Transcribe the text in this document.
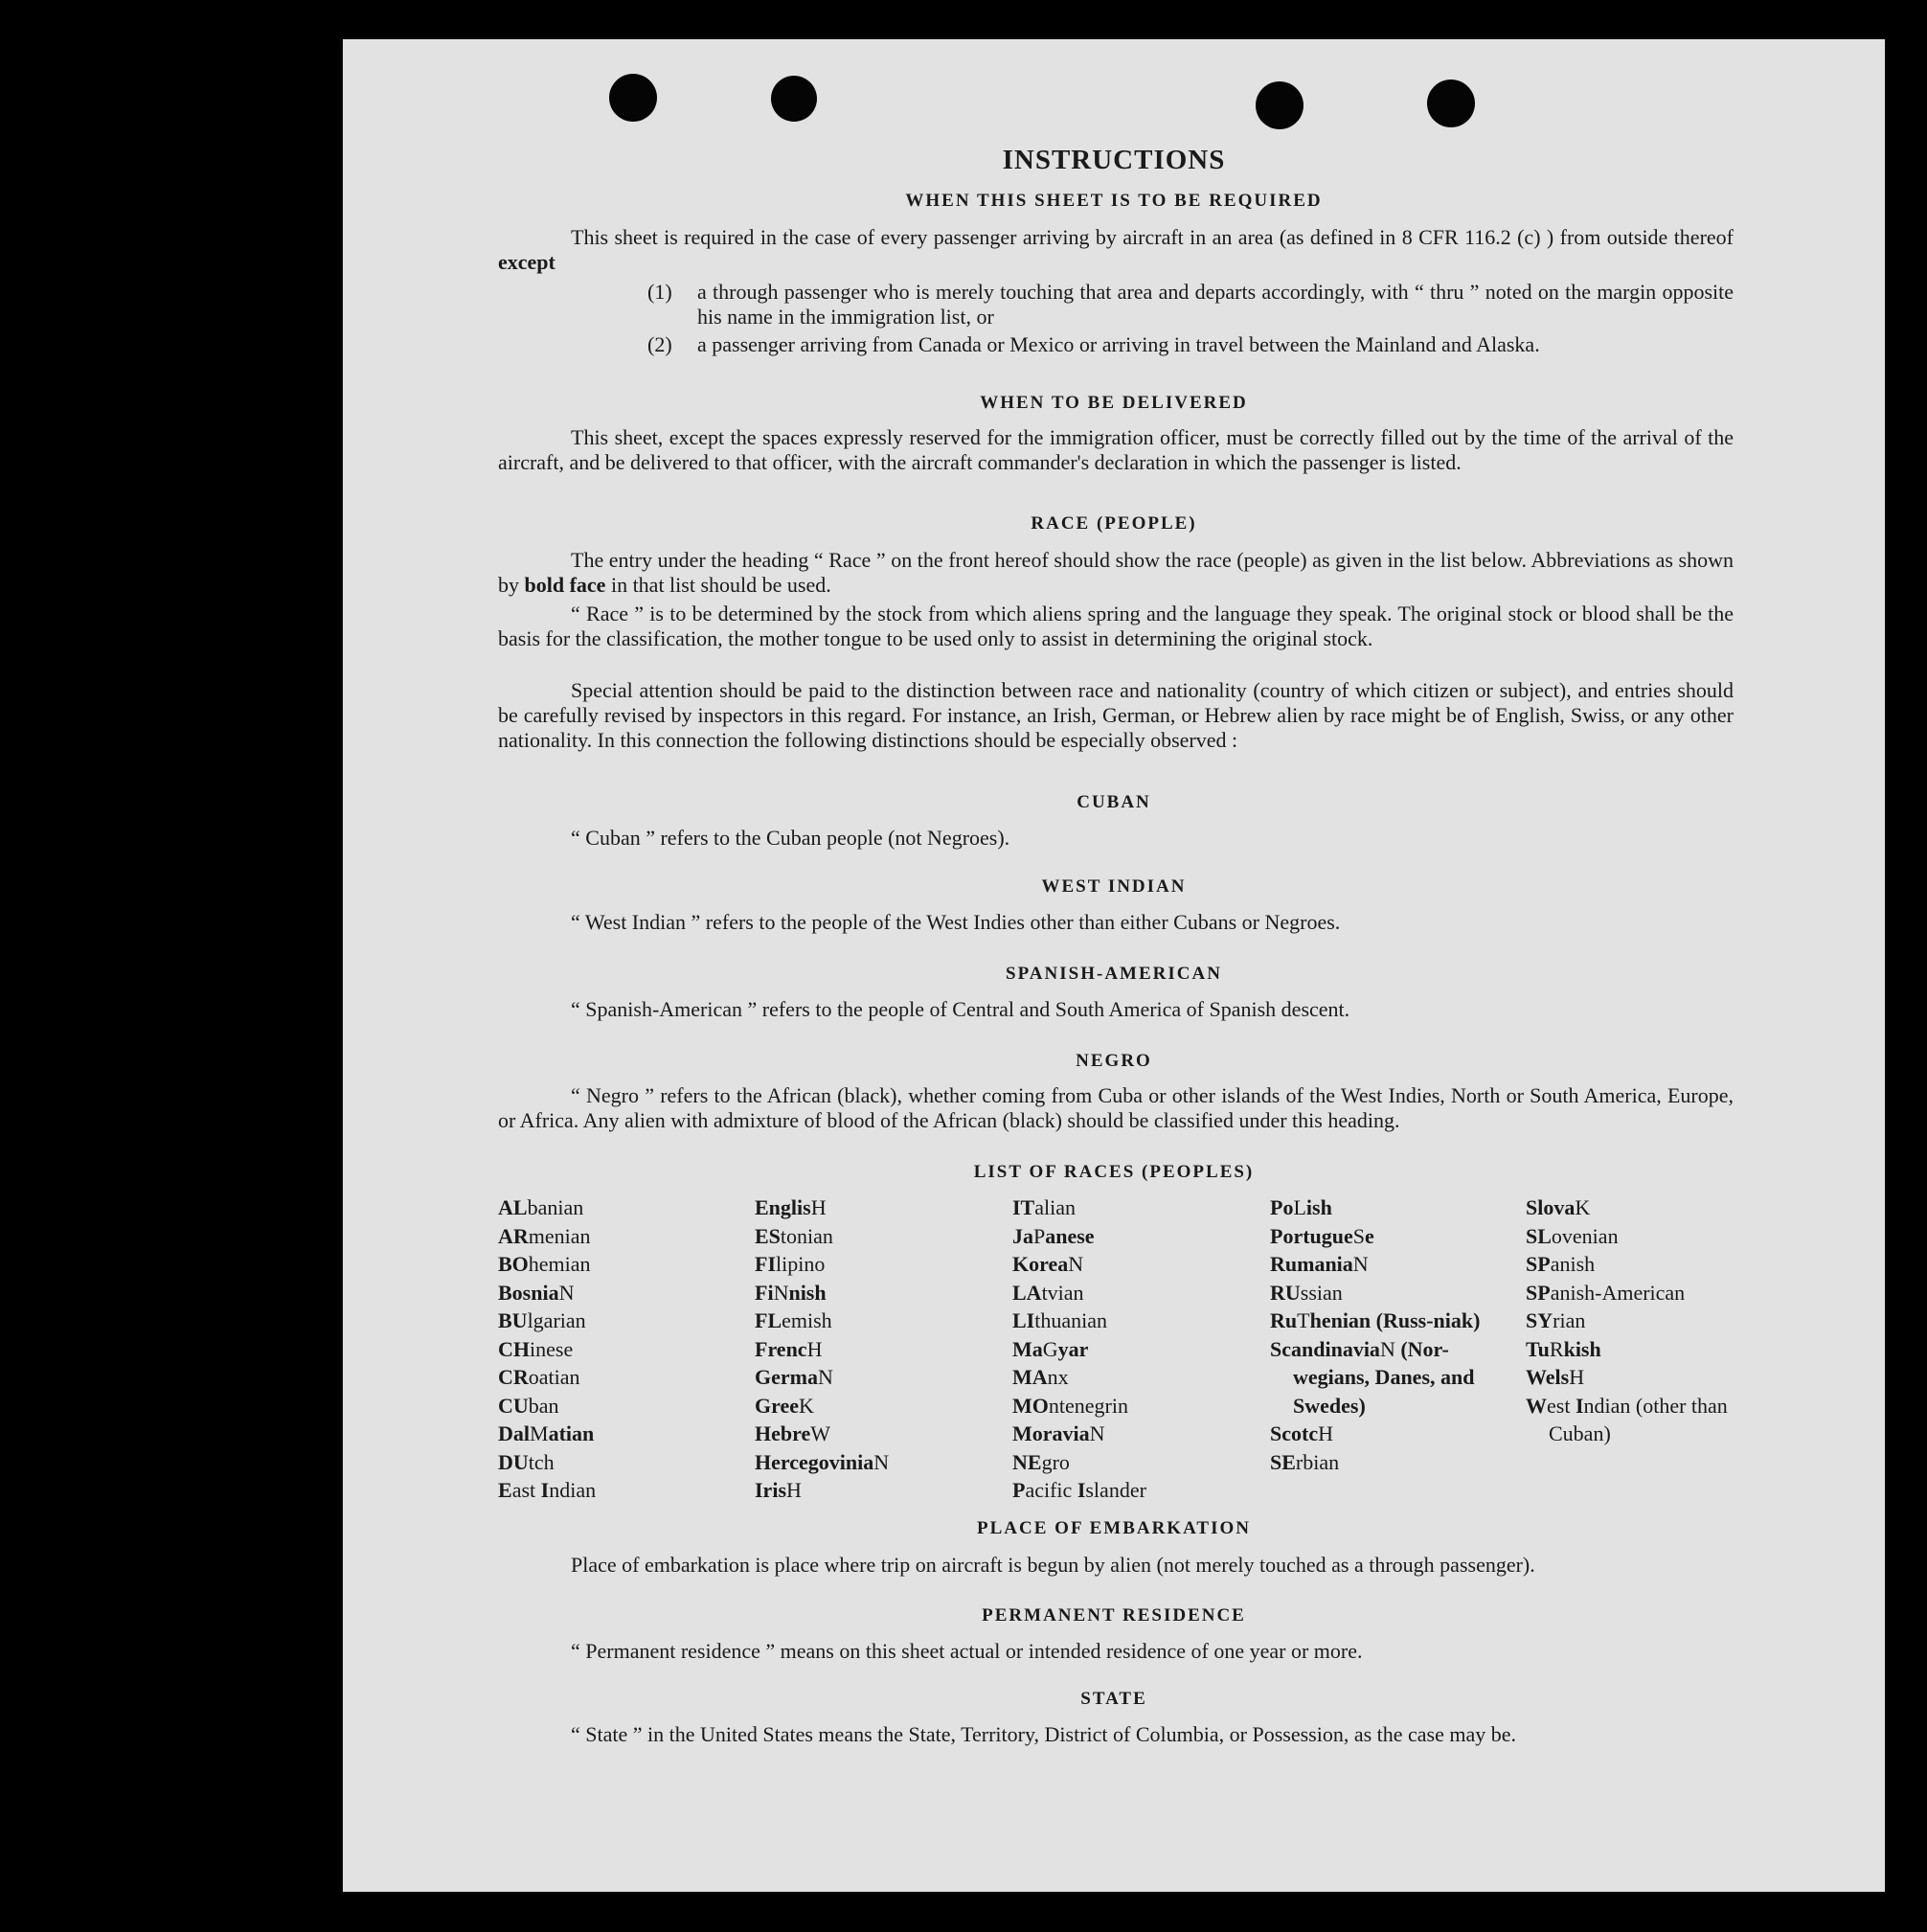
INSTRUCTIONS
WHEN THIS SHEET IS TO BE REQUIRED

This sheet is required in the case of every passenger arriving by aircraft in an area (as defined in 8 CFR 116.2 (c) ) from outside thereof except

(1) a through passenger who is merely touching that area and departs accordingly, with “ thru ” noted on the margin opposite his name in the immigration list, or
(2) a passenger arriving from Canada or Mexico or arriving in travel between the Mainland and Alaska.
WHEN TO BE DELIVERED

This sheet, except the spaces expressly reserved for the immigration officer, must be correctly filled out by the time of the arrival of the aircraft, and be delivered to that officer, with the aircraft commander's declaration in which the passenger is listed.

RACE (PEOPLE)

The entry under the heading “ Race ” on the front hereof should show the race (people) as given in the list below. Abbreviations as shown by bold face in that list should be used.

“ Race ” is to be determined by the stock from which aliens spring and the language they speak. The original stock or blood shall be the basis for the classification, the mother tongue to be used only to assist in determining the original stock.

Special attention should be paid to the distinction between race and nationality (country of which citizen or subject), and entries should be carefully revised by inspectors in this regard. For instance, an Irish, German, or Hebrew alien by race might be of English, Swiss, or any other nationality. In this connection the following distinctions should be especially observed :

CUBAN

“ Cuban ” refers to the Cuban people (not Negroes).

WEST INDIAN

“ West Indian ” refers to the people of the West Indies other than either Cubans or Negroes.

SPANISH-AMERICAN

“ Spanish-American ” refers to the people of Central and South America of Spanish descent.

NEGRO

“ Negro ” refers to the African (black), whether coming from Cuba or other islands of the West Indies, North or South America, Europe, or Africa. Any alien with admixture of blood of the African (black) should be classified under this heading.

LIST OF RACES (PEOPLES)
ALbanian
ARmenian
BOhemian
BosniaN
BUlgarian
CHinese
CRoatian
CUban
DalMatian
DUtch
East Indian
EnglisH
EStonian
FIlipino
FiNnish
FLemish
FrencH
GermaN
GreeK
HebreW
HercegoviniaN
IrisH
ITalian
JaPanese
KoreaN
LAtvian
LIthuanian
MaGyar
MAnx
MOntenegrin
MoraviaN
NEgro
Pacific Islander
PoLish
PortugueSe
RumaniaN
RUssian
RuThenian (Russ-niak)
ScandinaviaN (Nor-wegians, Danes, and Swedes)
ScotcH
SErbian
SlovaK
SLovenian
SPanish
SPanish-American
SYrian
TuRkish
WelsH
West Indian (other than Cuban)
PLACE OF EMBARKATION

Place of embarkation is place where trip on aircraft is begun by alien (not merely touched as a through passenger).

PERMANENT RESIDENCE

“ Permanent residence ” means on this sheet actual or intended residence of one year or more.

STATE

“ State ” in the United States means the State, Territory, District of Columbia, or Possession, as the case may be.
